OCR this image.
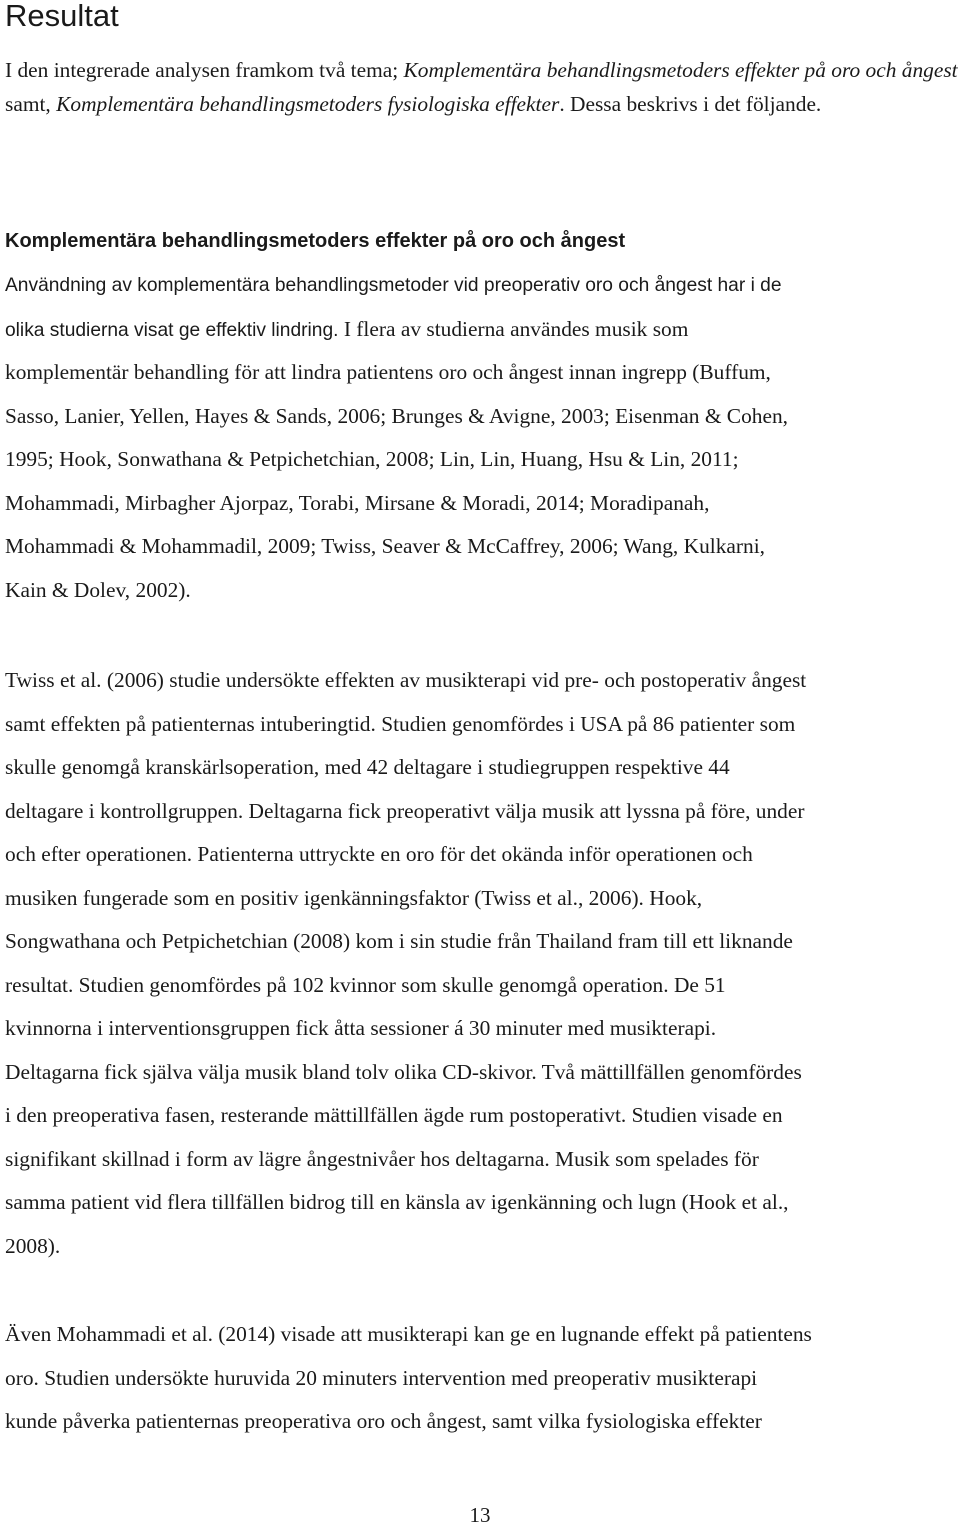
Resultat

I den integrerade analysen framkom två tema; Komplementära behandlingsmetoders effekter på oro och ångest samt, Komplementära behandlingsmetoders fysiologiska effekter. Dessa beskrivs i det följande.

Komplementära behandlingsmetoders effekter på oro och ångest
Användning av komplementära behandlingsmetoder vid preoperativ oro och ångest har i de
olika studierna visat ge effektiv lindring. I flera av studierna användes musik som
komplementär behandling för att lindra patientens oro och ångest innan ingrepp (Buffum,
Sasso, Lanier, Yellen, Hayes & Sands, 2006; Brunges & Avigne, 2003; Eisenman & Cohen,
1995; Hook, Sonwathana & Petpichetchian, 2008; Lin, Lin, Huang, Hsu & Lin, 2011;
Mohammadi, Mirbagher Ajorpaz, Torabi, Mirsane & Moradi, 2014; Moradipanah,
Mohammadi & Mohammadil, 2009; Twiss, Seaver & McCaffrey, 2006; Wang, Kulkarni,
Kain & Dolev, 2002).
Twiss et al. (2006) studie undersökte effekten av musikterapi vid pre- och postoperativ ångest
samt effekten på patienternas intuberingtid. Studien genomfördes i USA på 86 patienter som
skulle genomgå kranskärlsoperation, med 42 deltagare i studiegruppen respektive 44
deltagare i kontrollgruppen. Deltagarna fick preoperativt välja musik att lyssna på före, under
och efter operationen. Patienterna uttryckte en oro för det okända inför operationen och
musiken fungerade som en positiv igenkänningsfaktor (Twiss et al., 2006). Hook,
Songwathana och Petpichetchian (2008) kom i sin studie från Thailand fram till ett liknande
resultat. Studien genomfördes på 102 kvinnor som skulle genomgå operation. De 51
kvinnorna i interventionsgruppen fick åtta sessioner á 30 minuter med musikterapi.
Deltagarna fick själva välja musik bland tolv olika CD-skivor. Två mättillfällen genomfördes
i den preoperativa fasen, resterande mättillfällen ägde rum postoperativt. Studien visade en
signifikant skillnad i form av lägre ångestnivåer hos deltagarna. Musik som spelades för
samma patient vid flera tillfällen bidrog till en känsla av igenkänning och lugn (Hook et al.,
2008).
Även Mohammadi et al. (2014) visade att musikterapi kan ge en lugnande effekt på patientens
oro. Studien undersökte huruvida 20 minuters intervention med preoperativ musikterapi
kunde påverka patienternas preoperativa oro och ångest, samt vilka fysiologiska effekter
13
